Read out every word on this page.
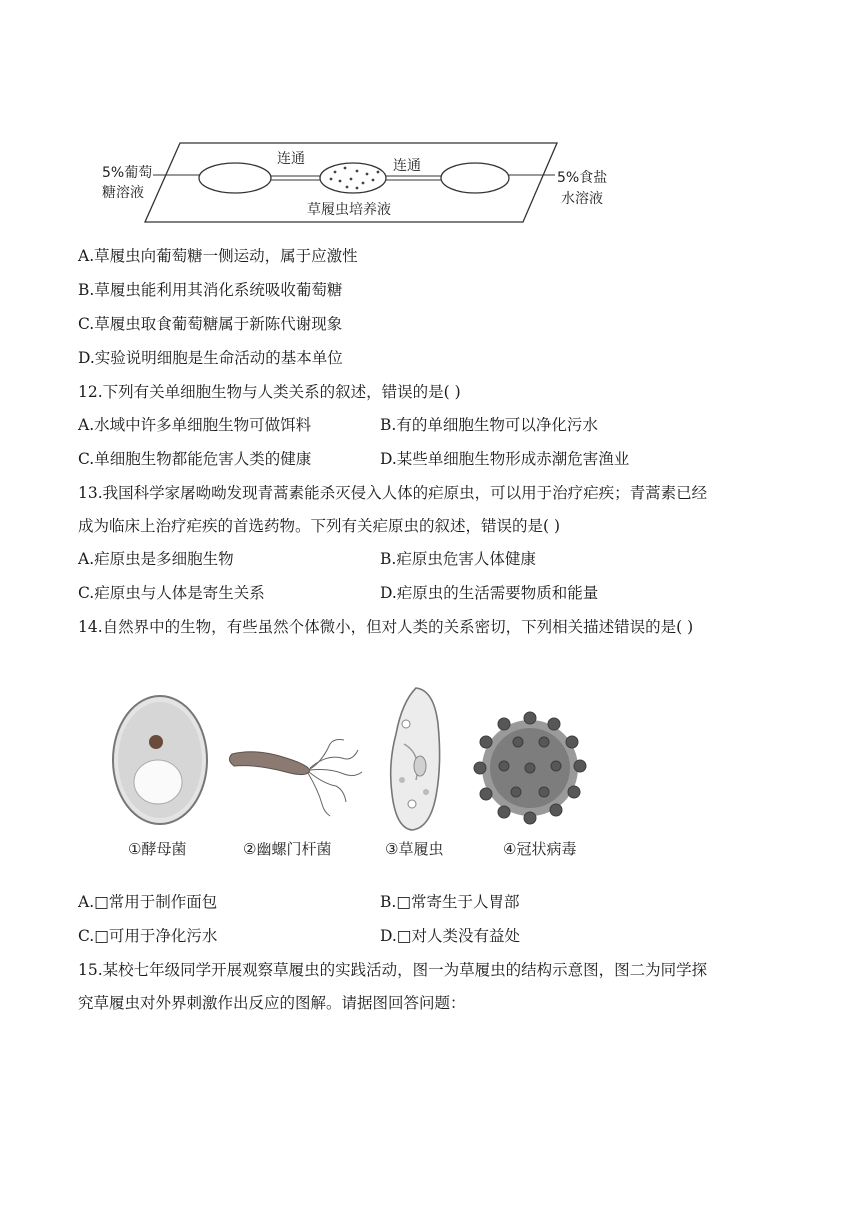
连通	连通
草履虫培养液
5%葡萄
糖溶液
5%食盐
水溶液
A.草履虫向葡萄糖一侧运动，属于应激性
B.草履虫能利用其消化系统吸收葡萄糖
C.草履虫取食葡萄糖属于新陈代谢现象
D.实验说明细胞是生命活动的基本单位
12.下列有关单细胞生物与人类关系的叙述，错误的是( )
A.水域中许多单细胞生物可做饵料	B.有的单细胞生物可以净化污水
C.单细胞生物都能危害人类的健康	D.某些单细胞生物形成赤潮危害渔业
13.我国科学家屠呦呦发现青蒿素能杀灭侵入人体的疟原虫，可以用于治疗疟疾；青蒿素已经
成为临床上治疗疟疾的首选药物。下列有关疟原虫的叙述，错误的是( )
A.疟原虫是多细胞生物	B.疟原虫危害人体健康
C.疟原虫与人体是寄生关系	D.疟原虫的生活需要物质和能量
14.自然界中的生物，有些虽然个体微小，但对人类的关系密切，下列相关描述错误的是( )
①酵母菌	②幽螺门杆菌	③草履虫	④冠状病毒
A.□常用于制作面包	B.□常寄生于人胃部
C.□可用于净化污水	D.□对人类没有益处
15.某校七年级同学开展观察草履虫的实践活动，图一为草履虫的结构示意图，图二为同学探
究草履虫对外界刺激作出反应的图解。请据图回答问题：
